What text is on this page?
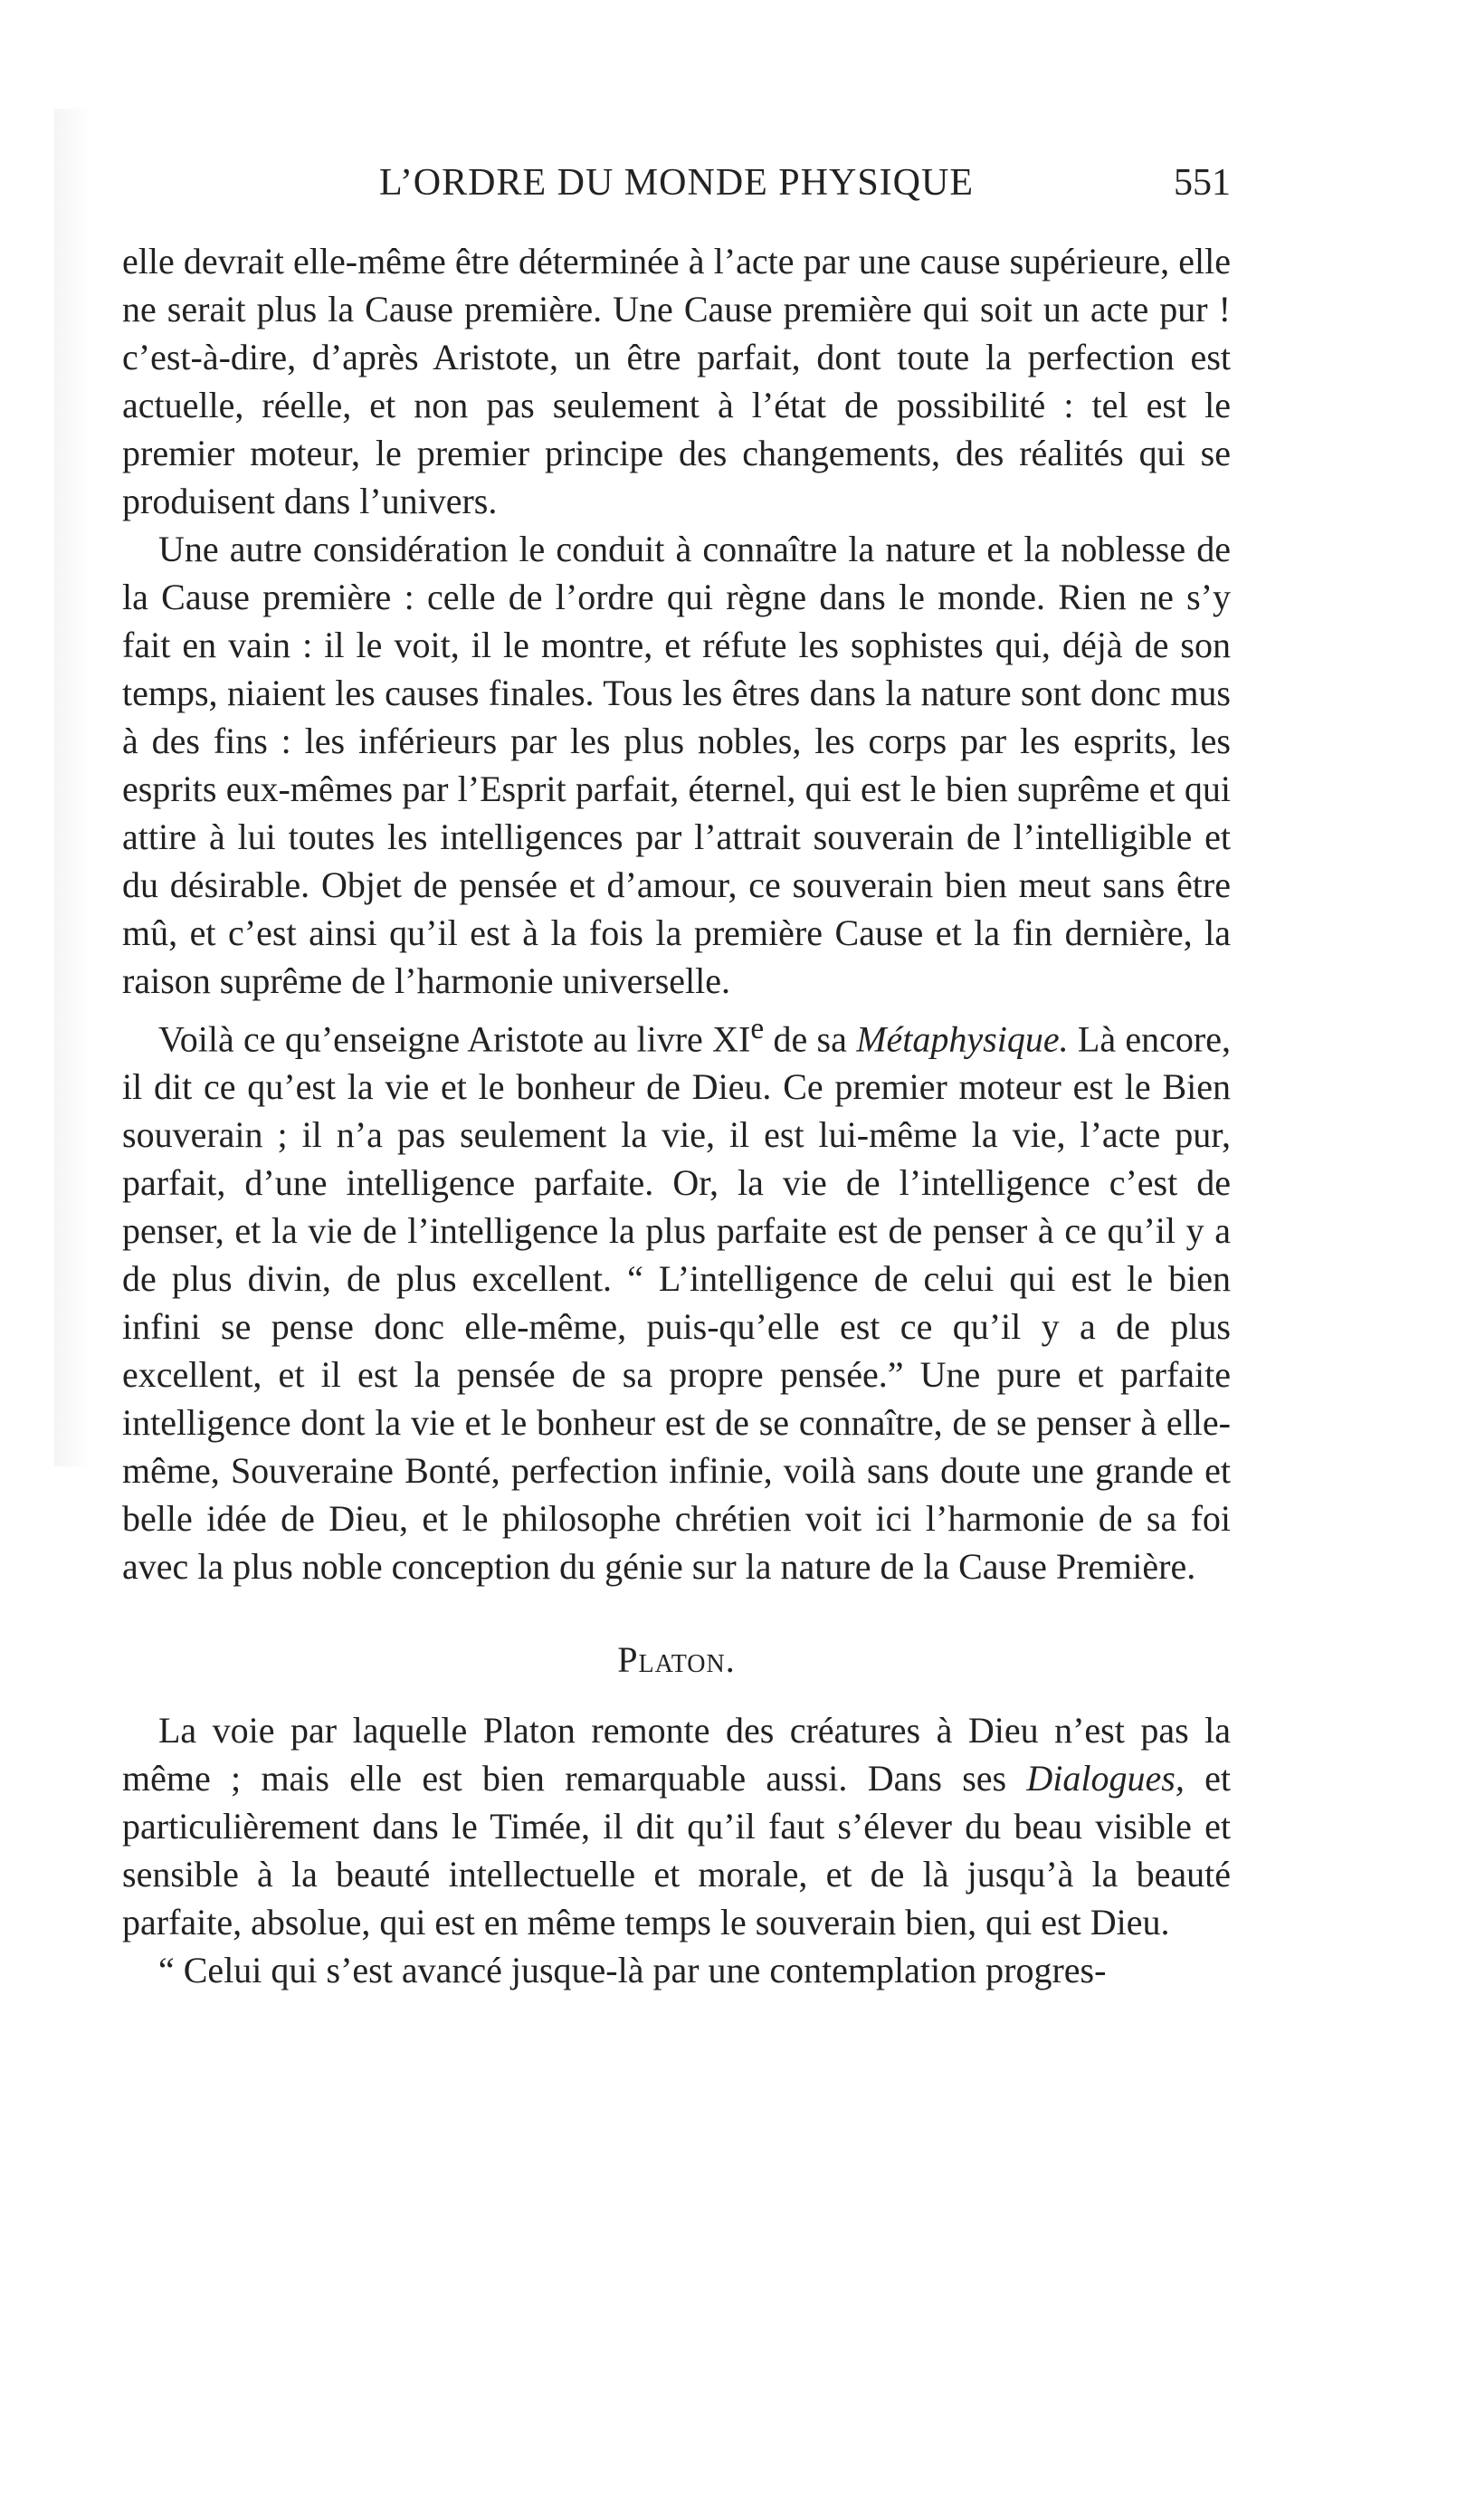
L’ORDRE DU MONDE PHYSIQUE	551

elle devrait elle-même être déterminée à l’acte par une cause supérieure, elle ne serait plus la Cause première. Une Cause première qui soit un acte pur ! c’est-à-dire, d’après Aristote, un être parfait, dont toute la perfection est actuelle, réelle, et non pas seulement à l’état de possibilité : tel est le premier moteur, le premier principe des changements, des réalités qui se produisent dans l’univers.

Une autre considération le conduit à connaître la nature et la noblesse de la Cause première : celle de l’ordre qui règne dans le monde. Rien ne s’y fait en vain : il le voit, il le montre, et réfute les sophistes qui, déjà de son temps, niaient les causes finales. Tous les êtres dans la nature sont donc mus à des fins : les inférieurs par les plus nobles, les corps par les esprits, les esprits eux-mêmes par l’Esprit parfait, éternel, qui est le bien suprême et qui attire à lui toutes les intelligences par l’attrait souverain de l’intelligible et du désirable. Objet de pensée et d’amour, ce souverain bien meut sans être mû, et c’est ainsi qu’il est à la fois la première Cause et la fin dernière, la raison suprême de l’harmonie universelle.

Voilà ce qu’enseigne Aristote au livre XIe de sa Métaphysique. Là encore, il dit ce qu’est la vie et le bonheur de Dieu. Ce premier moteur est le Bien souverain ; il n’a pas seulement la vie, il est lui-même la vie, l’acte pur, parfait, d’une intelligence parfaite. Or, la vie de l’intelligence c’est de penser, et la vie de l’intelligence la plus parfaite est de penser à ce qu’il y a de plus divin, de plus excellent. “ L’intelligence de celui qui est le bien infini se pense donc elle-même, puis-qu’elle est ce qu’il y a de plus excellent, et il est la pensée de sa propre pensée.” Une pure et parfaite intelligence dont la vie et le bonheur est de se connaître, de se penser à elle-même, Souveraine Bonté, perfection infinie, voilà sans doute une grande et belle idée de Dieu, et le philosophe chrétien voit ici l’harmonie de sa foi avec la plus noble conception du génie sur la nature de la Cause Première.

Platon.

La voie par laquelle Platon remonte des créatures à Dieu n’est pas la même ; mais elle est bien remarquable aussi. Dans ses Dialogues, et particulièrement dans le Timée, il dit qu’il faut s’élever du beau visible et sensible à la beauté intellectuelle et morale, et de là jusqu’à la beauté parfaite, absolue, qui est en même temps le souverain bien, qui est Dieu.

“ Celui qui s’est avancé jusque-là par une contemplation progres-
